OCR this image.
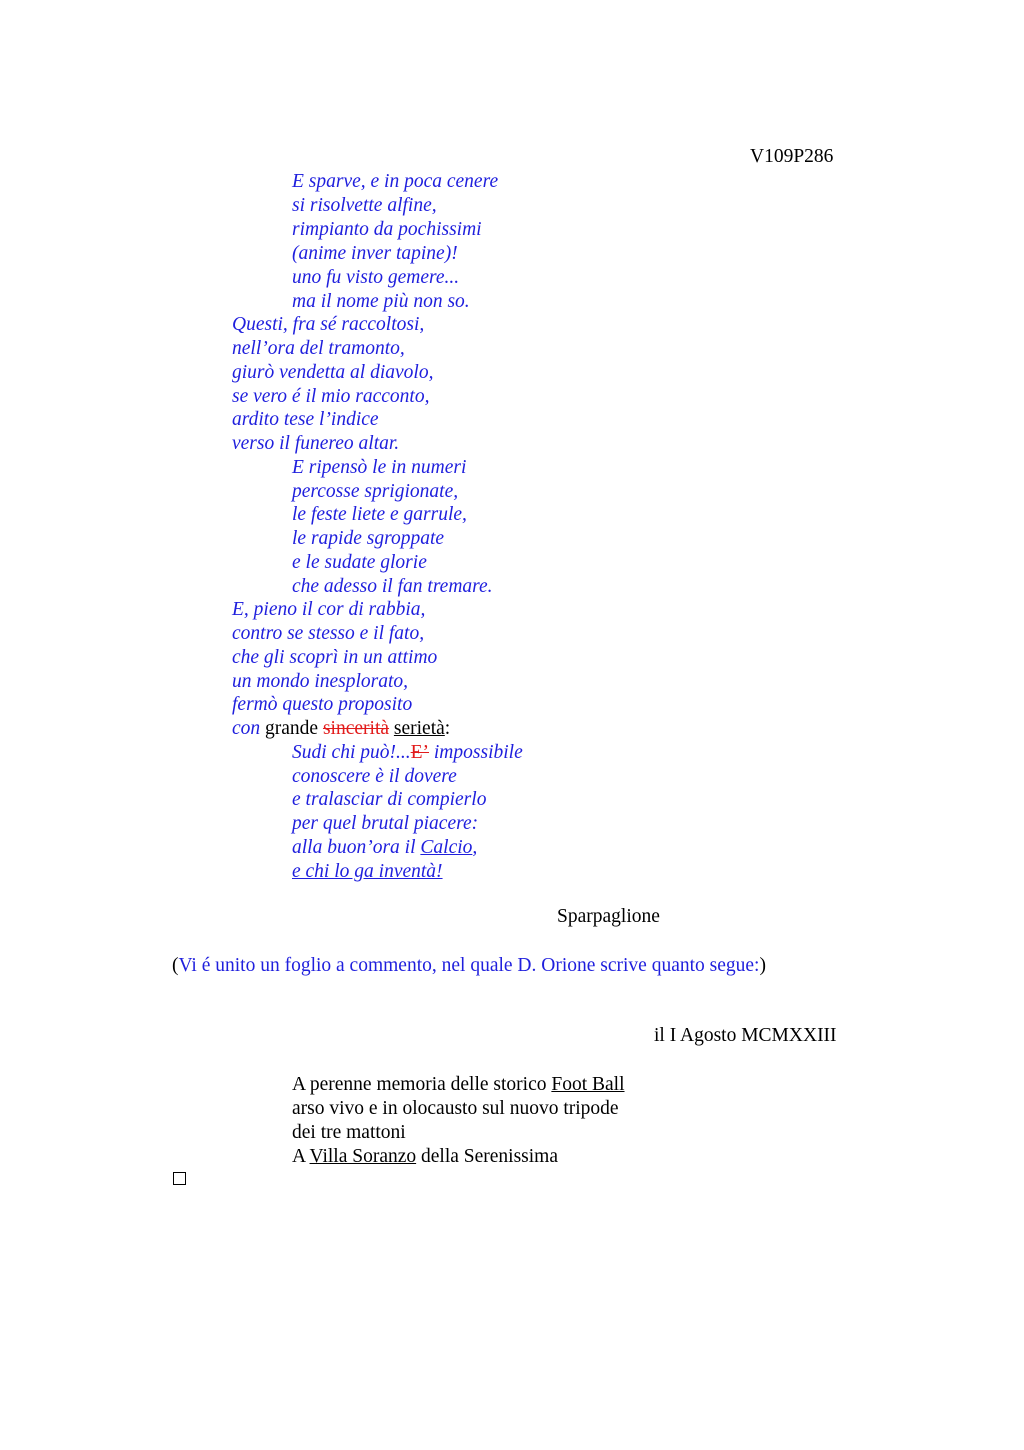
V109P286
E sparve, e in poca cenere
si risolvette alfine,
rimpianto da pochissimi
(anime inver tapine)!
uno fu visto gemere...
ma il nome più non so.
Questi, fra sé raccoltosi,
nell’ora del tramonto,
giurò vendetta al diavolo,
se vero é il mio racconto,
ardito tese l’indice
verso il funereo altar.
E ripensò le in numeri
percosse sprigionate,
le feste liete e garrule,
le rapide sgroppate
e le sudate glorie
che adesso il fan tremare.
E, pieno il cor di rabbia,
contro se stesso e il fato,
che gli scoprì in un attimo
un mondo inesplorato,
fermò questo proposito
con grande sincerità serietà:
Sudi chi può!...E’ impossibile
conoscere è il dovere
e tralasciar di compierlo
per quel brutal piacere:
alla buon’ora il Calcio,
e chi lo ga inventà!
Sparpaglione
(Vi é unito un foglio a commento, nel quale D. Orione scrive quanto segue:)
il I Agosto MCMXXIII
A perenne memoria delle storico Foot Ball
arso vivo e in olocausto sul nuovo tripode
dei tre mattoni
A Villa Soranzo della Serenissima
